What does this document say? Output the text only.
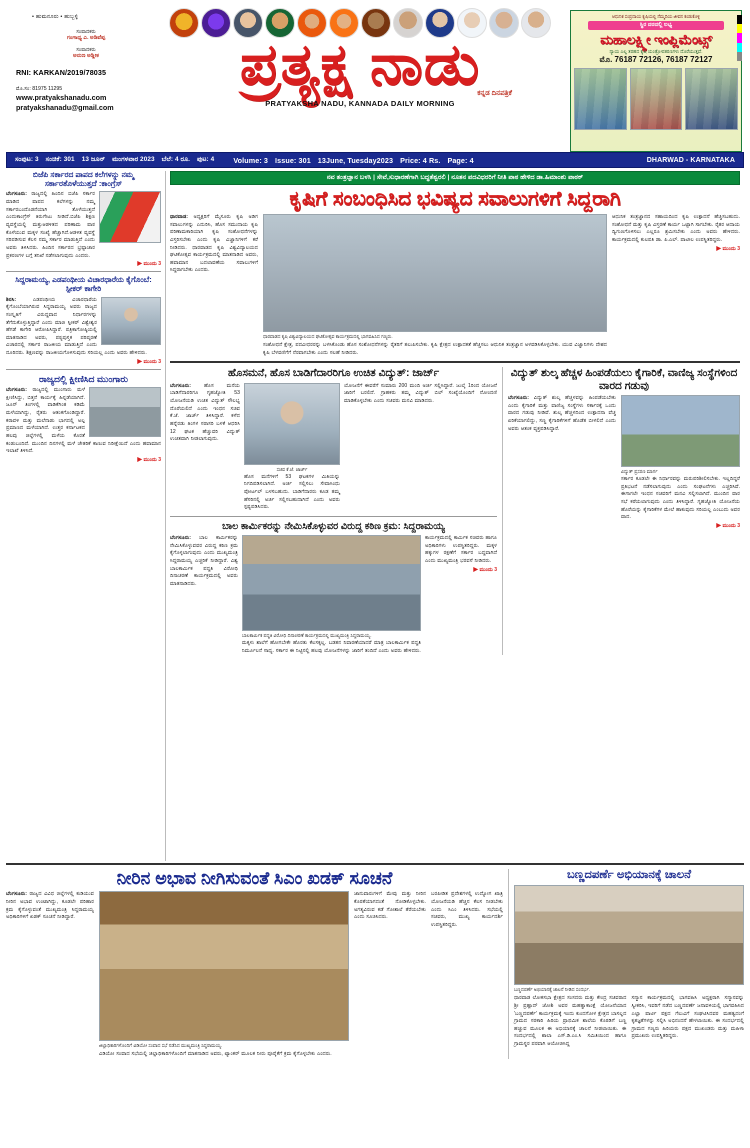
• ಹುಮನೂರು • ಹುಬ್ಬಳ್ಳಿ
ಸಂಪಾದಕರು
ಗಂಗಾಧ್ಯ ಎ. ಅಡಿವೆಪ್ಪ
ಸಂಪಾದಕರು
ಅರುಣ ಅಡ್ಡೀಕ
RNI: KARKAN/2019/78035
ಮೊ.ಸಂ: 81975 11295
www.pratyakshanadu.com
pratyakshanadu@gmail.com
ಪ್ರತ್ಯಕ್ಷ ನಾಡು
ಕನ್ನಡ ದಿನಪತ್ರಿಕೆ
PRATYAKSHA NADU, KANNADA DAILY MORNING
ಆಧುನಿಕ ಸಂಪ್ರದಾಯ ಕೃಷಿಯಲ್ಲಿ ನೆಮ್ಮದಿಯ ಜೀವನ ಕಂಡುಕೊಳ್ಳಿ
ಸ್ಥಿರ ದರದಲ್ಲಿ ಲಭ್ಯ
ಮಹಾಲಕ್ಷ್ಮೀ ಇಂಪ್ಲಿಮೆಂಟ್ಸ್
ನ್ಯಾಯ ಎಲ್ಲ ತರಹದ ಕೃಷಿ ಯಂತ್ರೋಪಕರಣಗಳು ದೊರೆಯುತ್ತವೆ.
ಮೊ. 76187 72126, 76187 72127
ಸಂಪುಟ: 3 ಸಂಚಿಕೆ: 301 13 ಜೂನ್ ಮಂಗಳವಾರ 2023 ಬೆಲೆ: 4 ರೂ. ಪುಟ: 4	Volume: 3 Issue: 301 13June, Tuesday2023 Price: 4 Rs. Page: 4	DHARWAD - KARNATAKA
ಬಿಜೆಪಿ ಸರ್ಕಾರದ ಪಾಪದ ಕಲೆಗಳನ್ನು ನಮ್ಮ ಸರ್ಕಾರತೊಳೆಯುತ್ತದೆ :ಕಾಂಗ್ರೆಸ್
ಬೆಂಗಳೂರು: ರಾಜ್ಯದಲ್ಲಿ ಹಿಂದಿನ ಬಿಜೆಪಿ ಸರ್ಕಾರ ಮಾಡಿದ ಪಾಪದ ಕಲೆಗಳನ್ನು ನಮ್ಮ ಸರ್ಕಾರಬಂದೊಡನೆಯಾಗಿ ತೊಳೆಯುತ್ತದೆ ಎಂದುಕಾಂಗ್ರೆಸ್ ತಿರುಗೇಟು ನೀಡಿದೆ.ಬಿಜೆಪಿ ಶಿಕ್ಷಣ ವ್ಯವಸ್ಥೆಯಲ್ಲಿ ಮತ್ತುಆಡಳಿತದ ಪರಿಣಾಮ ಪಾಠ ಕೊಳೆಯುವ ಮಕ್ಕಳ ಸಂಖ್ಯೆ ಹೆಚ್ಚಾಗಿದೆ.ಆಡಳಿತ ವ್ಯವಸ್ಥೆ ಸರಿಪಡಿಸುವ ಕೆಲಸ ನಮ್ಮ ಸರ್ಕಾರ ಮಾಡುತ್ತಿದೆ ಎಂದು ಅವರು ತಿಳಿಸಿದರು. ಹಿಂದಿನ ಸರ್ಕಾರದ ಭ್ರಷ್ಟಾಚಾರ ಪ್ರಕರಣಗಳ ಬಗ್ಗೆ ತನಿಖೆ ನಡೆಸಲಾಗುವುದು ಎಂದರು.
▶ ಮುಂದು 3
ಸಿದ್ದರಾಮಯ್ಯ, ಎಡಪಂಥೀಯ ವಿಚಾರಧಾರೆಯ ಕೈಗೊಂಬೆ: ಸ್ಪೀಕರ್ ಕಾಗೇರಿ
ಶಿರಸಿ:	ಎಡಪಂಥೀಯ ವಿಚಾರಧಾರೆಯ ಕೈಗೊಂಬೆಯಾಗಿರುವ ಸಿದ್ದರಾಮಯ್ಯ ಅವರು ರಾಜ್ಯದ ಸಂಸ್ಕೃತಿಗೆ ವಿರುದ್ಧವಾದ ನಿರ್ಧಾರಗಳನ್ನು ತೆಗೆದುಕೊಳ್ಳುತ್ತಿದ್ದಾರೆ ಎಂದು ಮಾಜಿ ಸ್ಪೀಕರ್ ವಿಶ್ವೇಶ್ವರ ಹೆಗಡೆ ಕಾಗೇರಿ ಆರೋಪಿಸಿದ್ದಾರೆ. ಪತ್ರಿಕಾಗೋಷ್ಠಿಯಲ್ಲಿ ಮಾತನಾಡಿದ ಅವರು, ಪಠ್ಯಪುಸ್ತಕ ಪರಿಷ್ಕರಣೆ ವಿಚಾರದಲ್ಲಿ ಸರ್ಕಾರ ರಾಜಕೀಯ ಮಾಡುತ್ತಿದೆ ಎಂದು ದೂರಿದರು. ಶಿಕ್ಷಣವನ್ನು ರಾಜಕೀಯಗೊಳಿಸುವುದು ಸರಿಯಲ್ಲ ಎಂದು ಅವರು ಹೇಳಿದರು.
▶ ಮುಂದು 3
ರಾಜ್ಯದಲ್ಲಿ ಕ್ಷೀಣಿಸಿದ ಮುಂಗಾರು
ಬೆಂಗಳೂರು: ರಾಜ್ಯದಲ್ಲಿ ಮುಂಗಾರು ಮಳೆ ಕ್ಷೀಣಿಸಿದ್ದು, ಬಿತ್ತನೆ ಕಾರ್ಯಕ್ಕೆ ಹಿನ್ನಡೆಯಾಗಿದೆ. ಜೂನ್ ತಿಂಗಳಲ್ಲಿ ವಾಡಿಕೆಗಿಂತ ಕಡಿಮೆ ಮಳೆಯಾಗಿದ್ದು, ರೈತರು ಆತಂಕಗೊಂಡಿದ್ದಾರೆ. ಕರಾವಳಿ ಮತ್ತು ಮಲೆನಾಡು ಭಾಗದಲ್ಲಿ ಅಲ್ಪ ಪ್ರಮಾಣದ ಮಳೆಯಾಗಿದೆ. ಉತ್ತರ ಕರ್ನಾಟಕದ ಹಲವು ಜಿಲ್ಲೆಗಳಲ್ಲಿ ಮಳೆಯ ಕೊರತೆ ಕಂಡುಬಂದಿದೆ. ಮುಂದಿನ ದಿನಗಳಲ್ಲಿ ಮಳೆ ಚೇತರಿಕೆ ಕಾಣುವ ನಿರೀಕ್ಷೆಯಿದೆ ಎಂದು ಹವಾಮಾನ ಇಲಾಖೆ ತಿಳಿಸಿದೆ.
▶ ಮುಂದು 3
ನವ ತಂತ್ರಜ್ಞಾನ ಬಳಸಿ | ಸೇವೆ,ಸುಧಾರಣೆಗಾಗಿ ಬದ್ಧತೆಶ್ವರಲಿ | ನೂತನ ಪದವಿಧರರಿಗೆ ನೀತಿ ಪಾಠ ಹೇಳಿದ ಡಾ.ಹಿಮಾಂಶು ಪಾಠಕ್
ಕೃಷಿಗೆ ಸಂಬಂಧಿಸಿದ ಭವಿಷ್ಯದ ಸವಾಲುಗಳಿಗೆ ಸಿದ್ದರಾಗಿ
ಧಾರವಾಡ: ಅಧ್ಯಕ್ಷರಿಗೆ ಮೈಸೂರು ಕೃಷಿ ಅಡಿಗ ಸವಾಲುಗಳನ್ನು ಎದುರಿಸಿ, ಹೊಸ ಸಮುದಾಯ ಕೃಷಿ ಪರಿಣಾಮಕಾರಿಯಾಗಿ ಕೃಷಿ ಸಂಶೋಧನೆಗಳನ್ನು ವಿಸ್ತರಿಸಬೇಕು ಎಂದು ಕೃಷಿ ವಿಜ್ಞಾನಿಗಳಿಗೆ ಕರೆ ನೀಡಿದರು. ಧಾರವಾಡದ ಕೃಷಿ ವಿಶ್ವವಿದ್ಯಾಲಯದ ಘಟಿಕೋತ್ಸವ ಕಾರ್ಯಕ್ರಮದಲ್ಲಿ ಮಾತನಾಡಿದ ಅವರು, ಹವಾಮಾನ ಬದಲಾವಣೆಯ ಸವಾಲುಗಳಿಗೆ ಸಿದ್ಧರಾಗಬೇಕು ಎಂದರು.
ಧಾರವಾಡದ ಕೃಷಿ ವಿಶ್ವವಿದ್ಯಾಲಯದ ಘಟಿಕೋತ್ಸವ ಕಾರ್ಯಕ್ರಮದಲ್ಲಿ ಭಾಗವಹಿಸಿದ ಗಣ್ಯರು.
ಸಂಶೋಧನೆ ಕ್ಷೇತ್ರ, ಪದವೀಧರರನ್ನು ಬಳಸಿಕೊಂಡು ಹೊಸ ಸಂಶೋಧನೆಗಳನ್ನು ರೈತರಿಗೆ ತಲುಪಿಸಬೇಕು. ಕೃಷಿ ಕ್ಷೇತ್ರದ ಉತ್ಪಾದಕತೆ ಹೆಚ್ಚಿಸಲು ಆಧುನಿಕ ತಂತ್ರಜ್ಞಾನ ಅಳವಡಿಸಿಕೊಳ್ಳಬೇಕು. ಯುವ ವಿಜ್ಞಾನಿಗಳು ದೇಶದ ಕೃಷಿ ಬೆಳವಣಿಗೆಗೆ ನೆರವಾಗಬೇಕು ಎಂದು ಸಲಹೆ ನೀಡಿದರು.
ಆಧುನಿಕ ತಂತ್ರಜ್ಞಾನದ ಸಹಾಯದಿಂದ ಕೃಷಿ ಉತ್ಪಾದನೆ ಹೆಚ್ಚಿಸಬಹುದು. ಸಂಶೋಧನೆ ಮತ್ತು ಕೃಷಿ ವಿಸ್ತರಣೆ ಕಾರ್ಯ ಒಟ್ಟಾಗಿ ಸಾಗಬೇಕು. ರೈತರ ಆದಾಯ ದ್ವಿಗುಣಗೊಳಿಸಲು ಎಲ್ಲರೂ ಶ್ರಮಿಸಬೇಕು ಎಂದು ಅವರು ಹೇಳಿದರು. ಕಾರ್ಯಕ್ರಮದಲ್ಲಿ ಕುಲಪತಿ ಡಾ. ಪಿ.ಎಲ್. ಪಾಟೀಲ ಉಪಸ್ಥಿತರಿದ್ದರು.
▶ ಮುಂದು 3
ಹೊಸಮನೆ, ಹೊಸ ಬಾಡಿಗೆದಾರರಿಗೂ ಉಚಿತ ವಿದ್ಯುತ್: ಜಾರ್ಜ್
ಬೆಂಗಳೂರು:	ಹೊಸ ಮನೆಯ ಬಾಡಿಗೆದಾರರಿಗೂ ಗೃಹಜ್ಯೋತಿ 53 ಯೋಜನೆಯಡಿ ಉಚಿತ ವಿದ್ಯುತ್ ಸೌಲಭ್ಯ ದೊರೆಯಲಿದೆ ಎಂದು ಇಂಧನ ಸಚಿವ ಕೆ.ಜೆ. ಜಾರ್ಜ್ ತಿಳಿಸಿದ್ದಾರೆ. ಕಳೆದ ಹನ್ನೆರಡು ತಿಂಗಳ ಸರಾಸರಿ ಬಳಕೆ ಆಧರಿಸಿ 12 ಘಟಕ ಹೆಚ್ಚುವರಿ ವಿದ್ಯುತ್ ಉಚಿತವಾಗಿ ನೀಡಲಾಗುವುದು.
ಸಚಿವ ಕೆ.ಜೆ. ಜಾರ್ಜ್
ಹೊಸ ಮನೆಗಳಿಗೆ 53 ಘಟಕಗಳ ಮಿತಿಯನ್ನು ನಿಗದಿಪಡಿಸಲಾಗಿದೆ. ಅರ್ಜಿ ಸಲ್ಲಿಸಲು ಸೇವಾಸಿಂಧು ಪೋರ್ಟಲ್ ಬಳಸಬಹುದು. ಬಾಡಿಗೆದಾರರು ಕೂಡ ತಮ್ಮ ಹೆಸರಿನಲ್ಲಿ ಅರ್ಜಿ ಸಲ್ಲಿಸಬಹುದಾಗಿದೆ ಎಂದು ಅವರು ಸ್ಪಷ್ಟಪಡಿಸಿದರು.
ಯೋಜನೆಗೆ ಈವರೆಗೆ ಸುಮಾರು 200 ಮಂದಿ ಅರ್ಜಿ ಸಲ್ಲಿಸಿದ್ದಾರೆ. ಜುಲೈ 1ರಿಂದ ಯೋಜನೆ ಜಾರಿಗೆ ಬರಲಿದೆ. ಗ್ರಾಹಕರು ತಮ್ಮ ವಿದ್ಯುತ್ ಬಿಲ್ ಸಂಖ್ಯೆಯೊಂದಿಗೆ ನೋಂದಣಿ ಮಾಡಿಕೊಳ್ಳಬೇಕು ಎಂದು ಸಚಿವರು ಮನವಿ ಮಾಡಿದರು.
ಬಾಲ ಕಾರ್ಮಿಕರನ್ನು ನೇಮಿಸಿಕೊಳ್ಳುವರ ವಿರುದ್ದ ಕಠಿಣ ಕ್ರಮ: ಸಿದ್ದರಾಮಯ್ಯ
ಬೆಂಗಳೂರು: ಬಾಲ ಕಾರ್ಮಿಕರನ್ನು ನೇಮಿಸಿಕೊಳ್ಳುವವರ ವಿರುದ್ಧ ಕಠಿಣ ಕ್ರಮ ಕೈಗೊಳ್ಳಲಾಗುವುದು ಎಂದು ಮುಖ್ಯಮಂತ್ರಿ ಸಿದ್ದರಾಮಯ್ಯ ಎಚ್ಚರಿಕೆ ನೀಡಿದ್ದಾರೆ. ವಿಶ್ವ ಬಾಲಕಾರ್ಮಿಕ ಪದ್ಧತಿ ವಿರೋಧಿ ದಿನಾಚರಣೆ ಕಾರ್ಯಕ್ರಮದಲ್ಲಿ ಅವರು ಮಾತನಾಡಿದರು.
ಬಾಲಕಾರ್ಮಿಕ ಪದ್ಧತಿ ವಿರೋಧಿ ದಿನಾಚರಣೆ ಕಾರ್ಯಕ್ರಮದಲ್ಲಿ ಮುಖ್ಯಮಂತ್ರಿ ಸಿದ್ದರಾಮಯ್ಯ.
ಮಕ್ಕಳು ಶಾಲೆಗೆ ಹೋಗಬೇಕೇ ಹೊರತು ಕೆಲಸಕ್ಕಲ್ಲ. ಬಡತನ ನಿವಾರಣೆಯಾದರೆ ಮಾತ್ರ ಬಾಲಕಾರ್ಮಿಕ ಪದ್ಧತಿ ನಿರ್ಮೂಲನೆ ಸಾಧ್ಯ. ಸರ್ಕಾರ ಈ ನಿಟ್ಟಿನಲ್ಲಿ ಹಲವು ಯೋಜನೆಗಳನ್ನು ಜಾರಿಗೆ ತಂದಿದೆ ಎಂದು ಅವರು ಹೇಳಿದರು.
ಕಾರ್ಯಕ್ರಮದಲ್ಲಿ ಕಾರ್ಮಿಕ ಸಚಿವರು ಹಾಗೂ ಅಧಿಕಾರಿಗಳು ಉಪಸ್ಥಿತರಿದ್ದರು. ಮಕ್ಕಳ ಹಕ್ಕುಗಳ ರಕ್ಷಣೆಗೆ ಸರ್ಕಾರ ಬದ್ಧವಾಗಿದೆ ಎಂದು ಮುಖ್ಯಮಂತ್ರಿ ಭರವಸೆ ನೀಡಿದರು.
▶ ಮುಂದು 3
ವಿದ್ಯುತ್ ಶುಲ್ಕ ಹೆಚ್ಚಳ ಹಿಂಪಡೆಯಲು ಕೈಗಾರಿಕೆ, ವಾಣಿಜ್ಯ ಸಂಸ್ಥೆಗಳಿಂದ ವಾರದ ಗಡುವು
ಬೆಂಗಳೂರು: ವಿದ್ಯುತ್ ಶುಲ್ಕ ಹೆಚ್ಚಳವನ್ನು ಹಿಂಪಡೆಯಬೇಕು ಎಂದು ಕೈಗಾರಿಕೆ ಮತ್ತು ವಾಣಿಜ್ಯ ಸಂಸ್ಥೆಗಳು ಸರ್ಕಾರಕ್ಕೆ ಒಂದು ವಾರದ ಗಡುವು ನೀಡಿವೆ. ಶುಲ್ಕ ಹೆಚ್ಚಳದಿಂದ ಉತ್ಪಾದನಾ ವೆಚ್ಚ ಏರಿಕೆಯಾಗಲಿದ್ದು, ಸಣ್ಣ ಕೈಗಾರಿಕೆಗಳಿಗೆ ಹೊಡೆತ ಬೀಳಲಿದೆ ಎಂದು ಅವರು ಆತಂಕ ವ್ಯಕ್ತಪಡಿಸಿದ್ದಾರೆ.
ವಿದ್ಯುತ್ ಪ್ರಸರಣ ಮಾರ್ಗ
ಸರ್ಕಾರ ಕೂಡಲೇ ಈ ನಿರ್ಧಾರವನ್ನು ಮರುಪರಿಶೀಲಿಸಬೇಕು. ಇಲ್ಲದಿದ್ದರೆ ಪ್ರತಿಭಟನೆ ನಡೆಸಲಾಗುವುದು ಎಂದು ಸಂಘಟನೆಗಳು ಎಚ್ಚರಿಸಿವೆ. ಈಗಾಗಲೇ ಇಂಧನ ಸಚಿವರಿಗೆ ಮನವಿ ಸಲ್ಲಿಸಲಾಗಿದೆ. ಮುಂದಿನ ವಾರ ಸಭೆ ಕರೆಯಲಾಗುವುದು ಎಂದು ತಿಳಿಸಿದ್ದಾರೆ. ಗೃಹಜ್ಯೋತಿ ಯೋಜನೆಯ ಹೊರೆಯನ್ನು ಕೈಗಾರಿಕೆಗಳ ಮೇಲೆ ಹಾಕುವುದು ಸರಿಯಲ್ಲ ಎಂಬುದು ಅವರ ವಾದ.
▶ ಮುಂದು 3
ನೀರಿನ ಅಭಾವ ನೀಗಿಸುವಂತೆ ಸಿಎಂ ಖಡಕ್ ಸೂಚನೆ
ಬೆಂಗಳೂರು: ರಾಜ್ಯದ ವಿವಿಧ ಜಿಲ್ಲೆಗಳಲ್ಲಿ ಕುಡಿಯುವ ನೀರಿನ ಅಭಾವ ಉಂಟಾಗಿದ್ದು, ಕೂಡಲೇ ಪರಿಹಾರ ಕ್ರಮ ಕೈಗೊಳ್ಳುವಂತೆ ಮುಖ್ಯಮಂತ್ರಿ ಸಿದ್ದರಾಮಯ್ಯ ಅಧಿಕಾರಿಗಳಿಗೆ ಖಡಕ್ ಸೂಚನೆ ನೀಡಿದ್ದಾರೆ.
ಜಿಲ್ಲಾಧಿಕಾರಿಗಳೊಂದಿಗೆ ವಿಡಿಯೋ ಸಂವಾದ ಸಭೆ ನಡೆಸಿದ ಮುಖ್ಯಮಂತ್ರಿ ಸಿದ್ದರಾಮಯ್ಯ.
ವಿಡಿಯೋ ಸಂವಾದ ಸಭೆಯಲ್ಲಿ ಜಿಲ್ಲಾಧಿಕಾರಿಗಳೊಂದಿಗೆ ಮಾತನಾಡಿದ ಅವರು, ಟ್ಯಾಂಕರ್ ಮೂಲಕ ನೀರು ಪೂರೈಕೆಗೆ ಕ್ರಮ ಕೈಗೊಳ್ಳಬೇಕು ಎಂದರು.
ಜಾನುವಾರುಗಳಿಗೆ ಮೇವು ಮತ್ತು ನೀರಿನ ಕೊರತೆಯಾಗದಂತೆ ನೋಡಿಕೊಳ್ಳಬೇಕು. ಅಗತ್ಯವಿರುವ ಕಡೆ ಗೋಶಾಲೆ ತೆರೆಯಬೇಕು ಎಂದು ಸೂಚಿಸಿದರು.
ಬರಪೀಡಿತ ಪ್ರದೇಶಗಳಲ್ಲಿ ಉದ್ಯೋಗ ಖಾತ್ರಿ ಯೋಜನೆಯಡಿ ಹೆಚ್ಚಿನ ಕೆಲಸ ನೀಡಬೇಕು ಎಂದು ಸಿಎಂ ತಿಳಿಸಿದರು. ಸಭೆಯಲ್ಲಿ ಸಚಿವರು, ಮುಖ್ಯ ಕಾರ್ಯದರ್ಶಿ ಉಪಸ್ಥಿತರಿದ್ದರು.
ಬಣ್ಣದಪರ್ಣೆ ಅಭಿಯಾನಕ್ಕೆ ಚಾಲನೆ
ಬಣ್ಣದಪರ್ಣೆ ಅಭಿಯಾನಕ್ಕೆ ಚಾಲನೆ ನೀಡಿದ ಸಂದರ್ಭ.
ಧಾರವಾಡ ಲೋಕಸಭಾ ಕ್ಷೇತ್ರದ ಸಂಸದರು ಮತ್ತು ಕೇಂದ್ರ ಸಚಿವರಾದ ಶ್ರೀ ಪ್ರಹ್ಲಾದ್ ಜೋಶಿ ಅವರ ಮಹತ್ವಾಕಾಂಕ್ಷೆ ಯೋಜನೆಯಾದ 'ಬಣ್ಣದಪರ್ಣೆ' ಕಾರ್ಯಕ್ರಮಕ್ಕೆ ಇಂದು ಕುಂದಗೋಳ ಕ್ಷೇತ್ರದ ಬಾಸಲ್ಲದ ಗ್ರಾಮದ ಸರಕಾರಿ ಹಿರಿಯ ಪ್ರಾಥಮಿಕ ಶಾಲೆಯ ಕೊಠಡಿಗೆ ಬಣ್ಣ ಹಚ್ಚುವ ಮೂಲಕ ಈ ಅಭಿಯಾನಕ್ಕೆ ಚಾಲನೆ ನೀಡಲಾಯಿತು. ಈ ಸಂದರ್ಭದಲ್ಲಿ ಶಾಲಾ ಎಸ್.ಡಿ.ಎಂ.ಸಿ ಸಮಿತಿಯಿಂದ ಹಾಗೂ ಗ್ರಾಮಸ್ಥರ ಪರವಾಗಿ ಆಯೋಜಿಸಿದ್ದ
ಸನ್ಮಾನ ಕಾರ್ಯಕ್ರಮದಲ್ಲಿ ಭಾಗವಹಿಸಿ ಅಧ್ಯಕ್ಷರಾಗಿ ಸನ್ಮಾನವನ್ನು ಸ್ವೀಕರಿಸಿ, ಇವರಿಗೆ ನಡೆದ ಬಣ್ಣದಪರ್ಣೆ ಜನಾವಳಿಯಲ್ಲಿ ಭಾಗವಹಿಸಿದ ಎಲ್ಲಾ ಪಾರ್ಟಿ ಪಕ್ಷದ ಗೆಲುವಿಗೆ ಸಂಘಟಿಸಿದವರ ಮಹತ್ವದಂಗೆ ಕೃತಜ್ಞತೆಗಳನ್ನು ಸಲ್ಲಿಸಿ ಅಭಿನಂದನೆ ಹೇಳಲಾಯಿತು. ಈ ಸಂದರ್ಭದಲ್ಲಿ ಗ್ರಾಮದ ಗಣ್ಯರು ಹಿರಿಯರು ಪಕ್ಷದ ಮುಖಂಡರು ಮತ್ತು ಮಹಿಳಾ ಪ್ರಮುಖರು ಉಪಸ್ಥಿತರಿದ್ದರು.
